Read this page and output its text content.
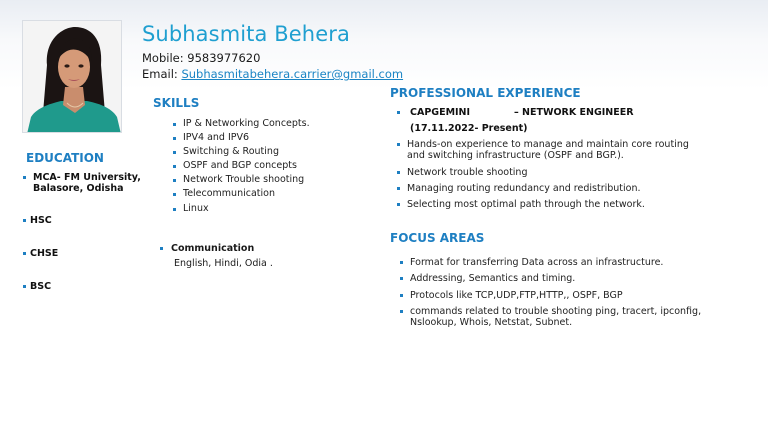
Subhasmita Behera
Mobile: 9583977620
Email: Subhasmitabehera.carrier@gmail.com
SKILLS
IP & Networking Concepts.
IPV4 and IPV6
Switching & Routing
OSPF and BGP concepts
Network Trouble shooting
Telecommunication
Linux
Communication
English, Hindi, Odia .
EDUCATION
MCA- FM University,
Balasore, Odisha
HSC
CHSE
BSC
PROFESSIONAL EXPERIENCE
CAPGEMINI	– NETWORK ENGINEER
(17.11.2022- Present)
Hands-on experience to manage and maintain core routing
and switching infrastructure (OSPF and BGP.).
Network trouble shooting
Managing routing redundancy and redistribution.
Selecting most optimal path through the network.
FOCUS AREAS
Format for transferring Data across an infrastructure.
Addressing, Semantics and timing.
Protocols like TCP,UDP,FTP,HTTP,, OSPF, BGP
commands related to trouble shooting ping, tracert, ipconfig,
Nslookup, Whois, Netstat, Subnet.
